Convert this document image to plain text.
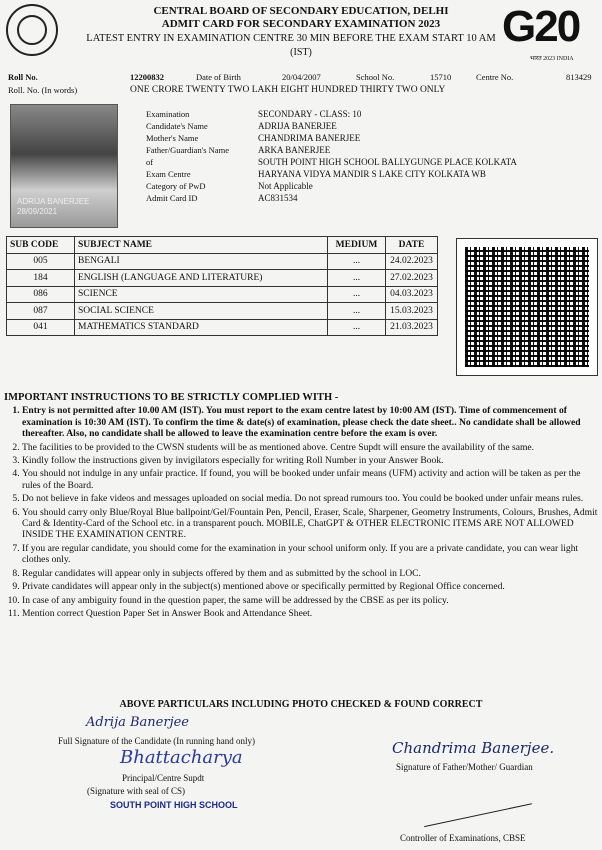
CENTRAL BOARD OF SECONDARY EDUCATION, DELHI
ADMIT CARD FOR SECONDARY EXAMINATION 2023
LATEST ENTRY IN EXAMINATION CENTRE 30 MIN BEFORE THE EXAM START 10 AM
(IST)
G20
भारत 2023 INDIA
Roll No.	12200832	Date of Birth	20/04/2007	School No.	15710	Centre No.	813429
Roll. No. (In words)	ONE CRORE TWENTY TWO LAKH EIGHT HUNDRED THIRTY TWO ONLY
ADRIJA BANERJEE
28/09/2021
Examination	SECONDARY - CLASS: 10
Candidate's Name	ADRIJA BANERJEE
Mother's Name	CHANDRIMA BANERJEE
Father/Guardian's Name	ARKA BANERJEE
of	SOUTH POINT HIGH SCHOOL BALLYGUNGE PLACE KOLKATA
Exam Centre	HARYANA VIDYA MANDIR S LAKE CITY KOLKATA WB
Category of PwD	Not Applicable
Admit Card ID	AC831534
SUB CODE	SUBJECT NAME	MEDIUM	DATE
005	BENGALI	...	24.02.2023
184	ENGLISH (LANGUAGE AND LITERATURE)	...	27.02.2023
086	SCIENCE	...	04.03.2023
087	SOCIAL SCIENCE	...	15.03.2023
041	MATHEMATICS STANDARD	...	21.03.2023
IMPORTANT INSTRUCTIONS TO BE STRICTLY COMPLIED WITH -
1. Entry is not permitted after 10.00 AM (IST). You must report to the exam centre latest by 10:00 AM (IST). Time of commencement of examination is 10:30 AM (IST). To confirm the time & date(s) of examination, please check the date sheet.. No candidate shall be allowed thereafter. Also, no candidate shall be allowed to leave the examination centre before the exam is over.
2. The facilities to be provided to the CWSN students will be as mentioned above. Centre Supdt will ensure the availability of the same.
3. Kindly follow the instructions given by invigilators especially for writing Roll Number in your Answer Book.
4. You should not indulge in any unfair practice. If found, you will be booked under unfair means (UFM) activity and action will be taken as per the rules of the Board.
5. Do not believe in fake videos and messages uploaded on social media. Do not spread rumours too. You could be booked under unfair means rules.
6. You should carry only Blue/Royal Blue ballpoint/Gel/Fountain Pen, Pencil, Eraser, Scale, Sharpener, Geometry Instruments, Colours, Brushes, Admit Card & Identity-Card of the School etc. in a transparent pouch. MOBILE, ChatGPT & OTHER ELECTRONIC ITEMS ARE NOT ALLOWED INSIDE THE EXAMINATION CENTRE.
7. If you are regular candidate, you should come for the examination in your school uniform only. If you are a private candidate, you can wear light clothes only.
8. Regular candidates will appear only in subjects offered by them and as submitted by the school in LOC.
9. Private candidates will appear only in the subject(s) mentioned above or specifically permitted by Regional Office concerned.
10. In case of any ambiguity found in the question paper, the same will be addressed by the CBSE as per its policy.
11. Mention correct Question Paper Set in Answer Book and Attendance Sheet.
ABOVE PARTICULARS INCLUDING PHOTO CHECKED & FOUND CORRECT
Adrija Banerjee
Full Signature of the Candidate (In running hand only)
Bhattacharya
Principal/Centre Supdt
(Signature with seal of CS)
SOUTH POINT HIGH SCHOOL
Chandrima Banerjee.
Signature of Father/Mother/ Guardian
Controller of Examinations, CBSE
